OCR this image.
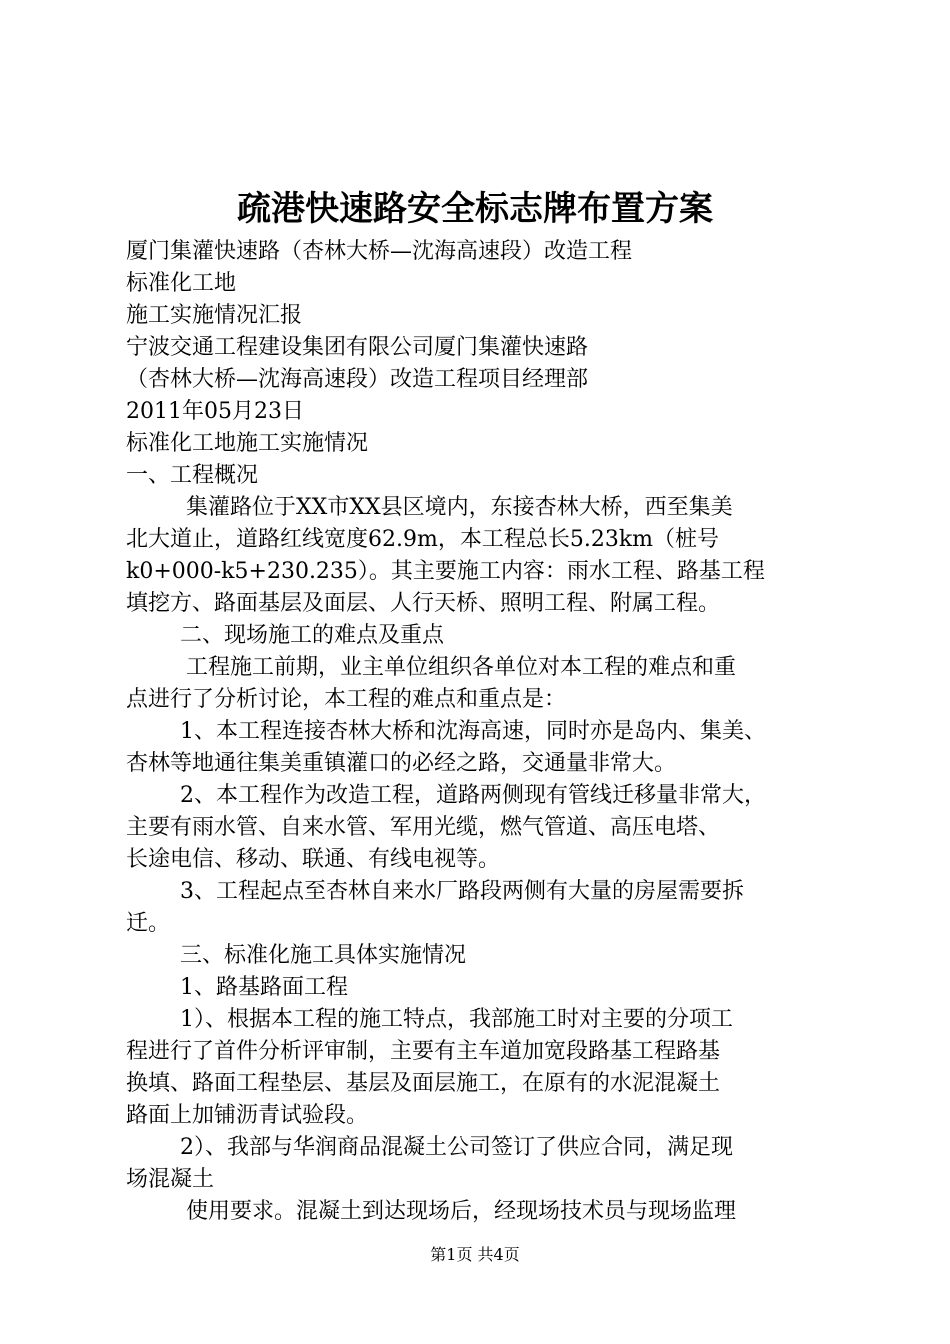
疏港快速路安全标志牌布置方案
厦门集灌快速路（杏林大桥—沈海高速段）改造工程
标准化工地
施工实施情况汇报
宁波交通工程建设集团有限公司厦门集灌快速路
（杏林大桥—沈海高速段）改造工程项目经理部
2011年05月23日
标准化工地施工实施情况
一、工程概况
集灌路位于XX市XX县区境内，东接杏林大桥，西至集美
北大道止，道路红线宽度62.9m，本工程总长5.23km（桩号
k0+000-k5+230.235）。其主要施工内容：雨水工程、路基工程
填挖方、路面基层及面层、人行天桥、照明工程、附属工程。
二、现场施工的难点及重点
工程施工前期，业主单位组织各单位对本工程的难点和重
点进行了分析讨论，本工程的难点和重点是：
1、本工程连接杏林大桥和沈海高速，同时亦是岛内、集美、
杏林等地通往集美重镇灌口的必经之路，交通量非常大。
2、本工程作为改造工程，道路两侧现有管线迁移量非常大，
主要有雨水管、自来水管、军用光缆，燃气管道、高压电塔、
长途电信、移动、联通、有线电视等。
3、工程起点至杏林自来水厂路段两侧有大量的房屋需要拆
迁。
三、标准化施工具体实施情况
1、路基路面工程
1）、根据本工程的施工特点，我部施工时对主要的分项工
程进行了首件分析评审制，主要有主车道加宽段路基工程路基
换填、路面工程垫层、基层及面层施工，在原有的水泥混凝土
路面上加铺沥青试验段。
2）、我部与华润商品混凝土公司签订了供应合同，满足现
场混凝土
使用要求。混凝土到达现场后，经现场技术员与现场监理
第1页 共4页
